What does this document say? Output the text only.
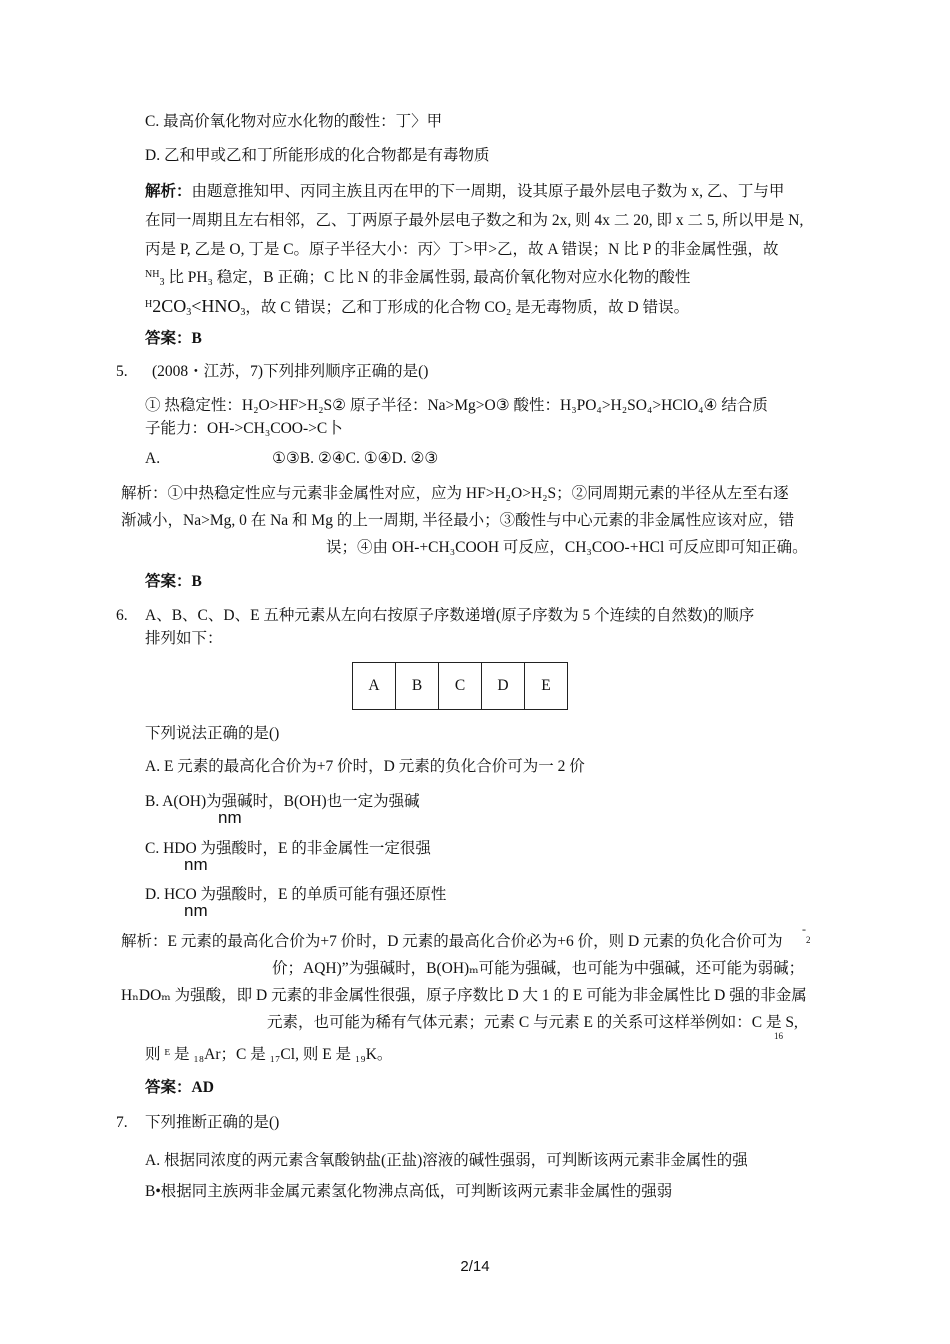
C. 最高价氧化物对应水化物的酸性：丁〉甲
D. 乙和甲或乙和丁所能形成的化合物都是有毒物质
解析：由题意推知甲、丙同主族且丙在甲的下一周期，设其原子最外层电子数为 x, 乙、丁与甲
在同一周期且左右相邻，乙、丁两原子最外层电子数之和为 2x, 则 4x 二 20, 即 x 二 5, 所以甲是 N,
丙是 P, 乙是 O, 丁是 C。原子半径大小：丙〉丁>甲>乙，故 A 错误；N 比 P 的非金属性强，故
$^{NH}_3$ 比 PH₃ 稳定，B 正确；C 比 N 的非金属性弱, 最高价氧化物对应水化物的酸性
$^H2CO_3<HNO_3$，故 C 错误；乙和丁形成的化合物 CO₂ 是无毒物质，故 D 错误。
答案：B
5. (2008・江苏，7)下列排列顺序正确的是()
① 热稳定性：H₂O>HF>H₂S② 原子半径：Na>Mg>O③ 酸性：H₃PO₄>H₂SO₄>HClO₄④ 结合质
子能力：OH->CH₃COO->C卜
A.	①③B. ②④C. ①④D. ②③
解析：①中热稳定性应与元素非金属性对应，应为 HF>H₂O>H₂S；②同周期元素的半径从左至右逐
渐减小，Na>Mg, 0 在 Na 和 Mg 的上一周期, 半径最小；③酸性与中心元素的非金属性应该对应，错
误；④由 OH-+CH₃COOH 可反应，CH₃COO-+HCl 可反应即可知正确。
答案：B
6. A、B、C、D、E 五种元素从左向右按原子序数递增(原子序数为 5 个连续的自然数)的顺序
排列如下：
A	B	C	D	E
下列说法正确的是()
A. E 元素的最高化合价为+7 价时，D 元素的负化合价可为一 2 价
B. A(OH)为强碱时，B(OH)也一定为强碱
nm
C. HDO 为强酸时，E 的非金属性一定很强
nm
D. HCO 为强酸时，E 的单质可能有强还原性
nm
解析：E 元素的最高化合价为+7 价时，D 元素的最高化合价必为+6 价，则 D 元素的负化合价可为
-
2
价；AQH)”为强碱时，B(OH)ₘ可能为强碱，也可能为中强碱，还可能为弱碱；
HₙDOₘ 为强酸，即 D 元素的非金属性很强，原子序数比 D 大 1 的 E 可能为非金属性比 D 强的非金属
元素，也可能为稀有气体元素；元素 C 与元素 E 的关系可这样举例如：C 是 S,
16
则 ᴱ 是 ₁₈Ar；C 是 ₁₇Cl, 则 E 是 ₁₉K。
答案：AD
7. 下列推断正确的是()
A. 根据同浓度的两元素含氧酸钠盐(正盐)溶液的碱性强弱，可判断该两元素非金属性的强
B•根据同主族两非金属元素氢化物沸点高低，可判断该两元素非金属性的强弱
2/14
